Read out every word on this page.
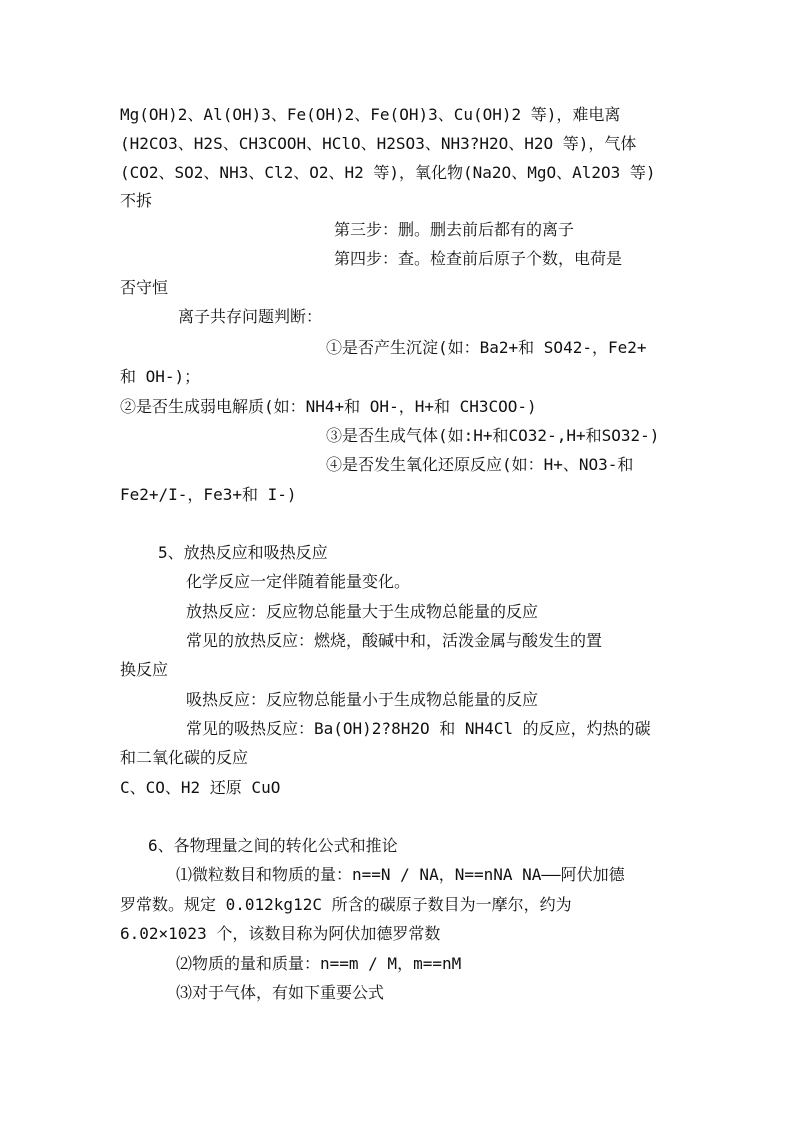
Mg(OH)2、Al(OH)3、Fe(OH)2、Fe(OH)3、Cu(OH)2 等)，难电离
(H2CO3、H2S、CH3COOH、HClO、H2SO3、NH3?H2O、H2O 等)，气体
(CO2、SO2、NH3、Cl2、O2、H2 等)，氧化物(Na2O、MgO、Al2O3 等)
不拆
第三步：删。删去前后都有的离子
第四步：查。检查前后原子个数，电荷是
否守恒
离子共存问题判断：
①是否产生沉淀(如：Ba2+和 SO42-，Fe2+
和 OH-)；
②是否生成弱电解质(如：NH4+和 OH-，H+和 CH3COO-)
③是否生成气体(如:H+和CO32-,H+和SO32-)
④是否发生氧化还原反应(如：H+、NO3-和
Fe2+/I-，Fe3+和 I-)
5、放热反应和吸热反应
化学反应一定伴随着能量变化。
放热反应：反应物总能量大于生成物总能量的反应
常见的放热反应：燃烧，酸碱中和，活泼金属与酸发生的置
换反应
吸热反应：反应物总能量小于生成物总能量的反应
常见的吸热反应：Ba(OH)2?8H2O 和 NH4Cl 的反应，灼热的碳
和二氧化碳的反应
C、CO、H2 还原 CuO
6、各物理量之间的转化公式和推论
⑴微粒数目和物质的量：n==N / NA，N==nNA NA——阿伏加德
罗常数。规定 0.012kg12C 所含的碳原子数目为一摩尔，约为
6.02×1023 个，该数目称为阿伏加德罗常数
⑵物质的量和质量：n==m / M，m==nM
⑶对于气体，有如下重要公式
